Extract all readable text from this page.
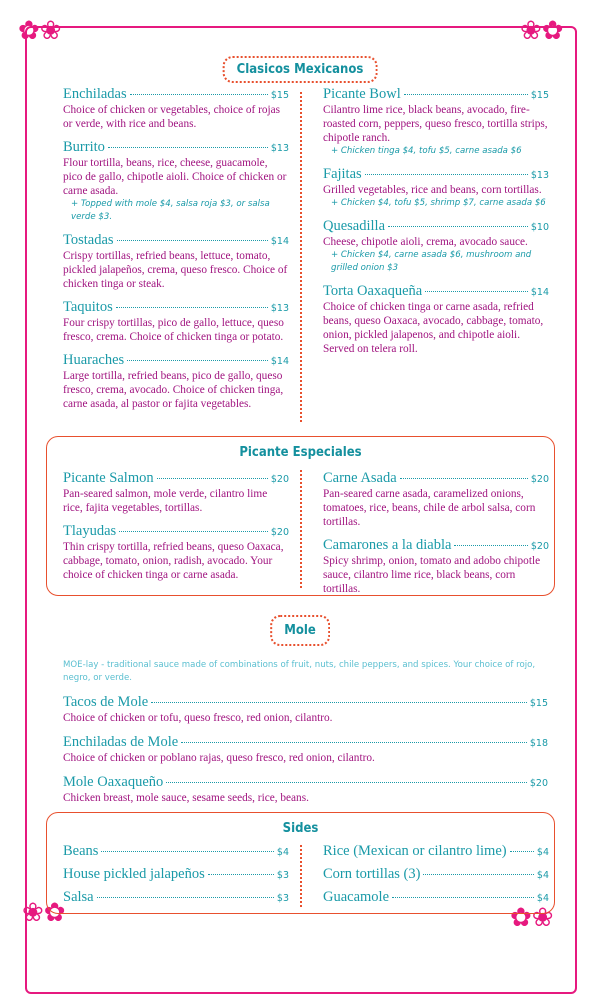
✿❀	❀✿
❀✿	✿❀
Clasicos Mexicanos
Enchiladas	$15
Choice of chicken or vegetables, choice of rojas or verde, with rice and beans.
Burrito	$13
Flour tortilla, beans, rice, cheese, guacamole, pico de gallo, chipotle aioli. Choice of chicken or carne asada.
+ Topped with mole $4, salsa roja $3, or salsa verde $3.
Tostadas	$14
Crispy tortillas, refried beans, lettuce, tomato, pickled jalapeños, crema, queso fresco. Choice of chicken tinga or steak.
Taquitos	$13
Four crispy tortillas, pico de gallo, lettuce, queso fresco, crema. Choice of chicken tinga or potato.
Huaraches	$14
Large tortilla, refried beans, pico de gallo, queso fresco, crema, avocado. Choice of chicken tinga, carne asada, al pastor or fajita vegetables.
Picante Bowl	$15
Cilantro lime rice, black beans, avocado, fire-roasted corn, peppers, queso fresco, tortilla strips, chipotle ranch.
+ Chicken tinga $4, tofu $5, carne asada $6
Fajitas	$13
Grilled vegetables, rice and beans, corn tortillas.
+ Chicken $4, tofu $5, shrimp $7, carne asada $6
Quesadilla	$10
Cheese, chipotle aioli, crema, avocado sauce.
+ Chicken $4, carne asada $6, mushroom and grilled onion $3
Torta Oaxaqueña	$14
Choice of chicken tinga or carne asada, refried beans, queso Oaxaca, avocado, cabbage, tomato, onion, pickled jalapenos, and chipotle aioli. Served on telera roll.
Picante Especiales
Picante Salmon	$20
Pan-seared salmon, mole verde, cilantro lime rice, fajita vegetables, tortillas.
Tlayudas	$20
Thin crispy tortilla, refried beans, queso Oaxaca, cabbage, tomato, onion, radish, avocado. Your choice of chicken tinga or carne asada.
Carne Asada	$20
Pan-seared carne asada, caramelized onions, tomatoes, rice, beans, chile de arbol salsa, corn tortillas.
Camarones a la diabla	$20
Spicy shrimp, onion, tomato and adobo chipotle sauce, cilantro lime rice, black beans, corn tortillas.
Mole
MOE-lay - traditional sauce made of combinations of fruit, nuts, chile peppers, and spices. Your choice of rojo, negro, or verde.
Tacos de Mole	$15
Choice of chicken or tofu, queso fresco, red onion, cilantro.
Enchiladas de Mole	$18
Choice of chicken or poblano rajas, queso fresco, red onion, cilantro.
Mole Oaxaqueño	$20
Chicken breast, mole sauce, sesame seeds, rice, beans.
Sides
Beans	$4
House pickled jalapeños	$3
Salsa	$3
Rice (Mexican or cilantro lime)	$4
Corn tortillas (3)	$4
Guacamole	$4
